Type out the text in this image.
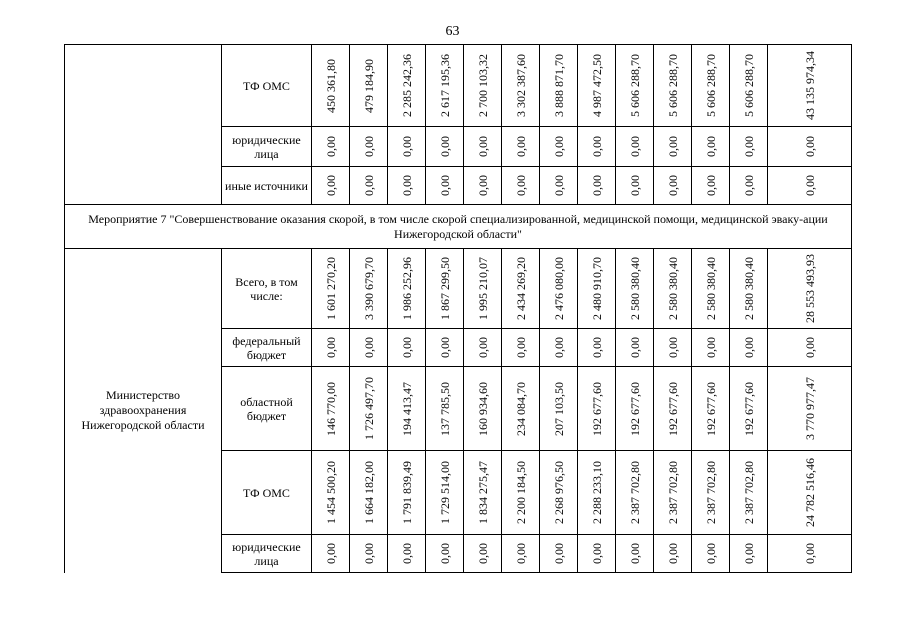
63
	ТФ ОМС	450 361,80	479 184,90	2 285 242,36	2 617 195,36	2 700 103,32	3 302 387,60	3 888 871,70	4 987 472,50	5 606 288,70	5 606 288,70	5 606 288,70	5 606 288,70	43 135 974,34

	юридические лица	0,00	0,00	0,00	0,00	0,00	0,00	0,00	0,00	0,00	0,00	0,00	0,00	0,00

	иные источники	0,00	0,00	0,00	0,00	0,00	0,00	0,00	0,00	0,00	0,00	0,00	0,00	0,00

Мероприятие 7 "Совершенствование оказания скорой, в том числе скорой специализированной, медицинской помощи, медицинской эваку-ации Нижегородской области"														
Министерство здравоохранения Нижегородской области	Всего, в том числе:	1 601 270,20	3 390 679,70	1 986 252,96	1 867 299,50	1 995 210,07	2 434 269,20	2 476 080,00	2 480 910,70	2 580 380,40	2 580 380,40	2 580 380,40	2 580 380,40	28 553 493,93

	федеральный бюджет	0,00	0,00	0,00	0,00	0,00	0,00	0,00	0,00	0,00	0,00	0,00	0,00	0,00

	областной бюджет	146 770,00	1 726 497,70	194 413,47	137 785,50	160 934,60	234 084,70	207 103,50	192 677,60	192 677,60	192 677,60	192 677,60	192 677,60	3 770 977,47

	ТФ ОМС	1 454 500,20	1 664 182,00	1 791 839,49	1 729 514,00	1 834 275,47	2 200 184,50	2 268 976,50	2 288 233,10	2 387 702,80	2 387 702,80	2 387 702,80	2 387 702,80	24 782 516,46

	юридические лица	0,00	0,00	0,00	0,00	0,00	0,00	0,00	0,00	0,00	0,00	0,00	0,00	0,00
